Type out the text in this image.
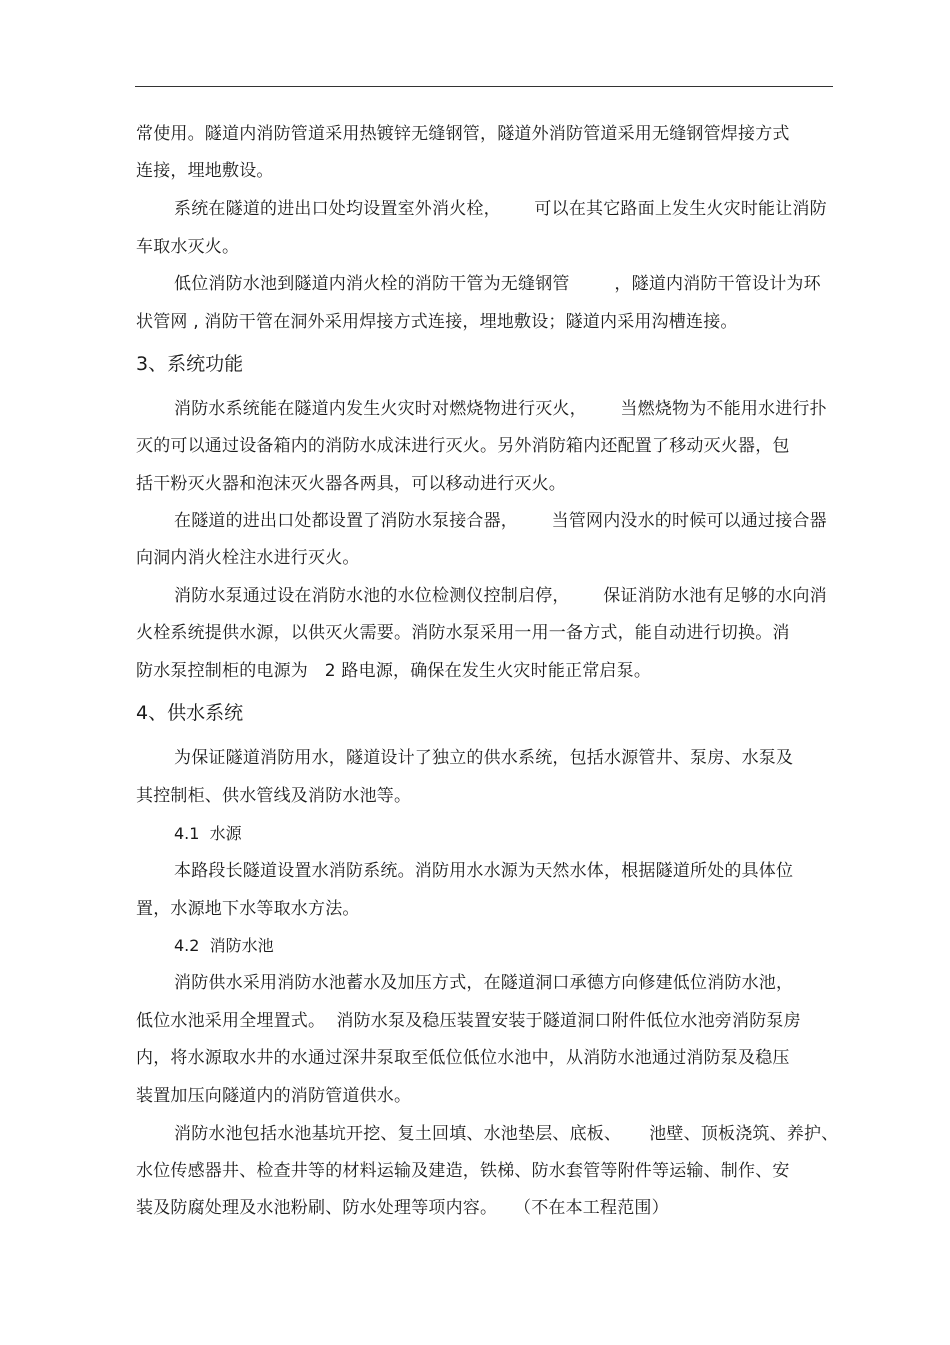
常使用。隧道内消防管道采用热镀锌无缝钢管，隧道外消防管道采用无缝钢管焊接方式
连接，埋地敷设。
系统在隧道的进出口处均设置室外消火栓，      可以在其它路面上发生火灾时能让消防
车取水灭火。
低位消防水池到隧道内消火栓的消防干管为无缝钢管        ，隧道内消防干管设计为环
状管网 , 消防干管在洞外采用焊接方式连接，埋地敷设；隧道内采用沟槽连接。
3、系统功能
消防水系统能在隧道内发生火灾时对燃烧物进行灭火，      当燃烧物为不能用水进行扑
灭的可以通过设备箱内的消防水成沫进行灭火。另外消防箱内还配置了移动灭火器，包
括干粉灭火器和泡沫灭火器各两具，可以移动进行灭火。
在隧道的进出口处都设置了消防水泵接合器，      当管网内没水的时候可以通过接合器
向洞内消火栓注水进行灭火。
消防水泵通过设在消防水池的水位检测仪控制启停，      保证消防水池有足够的水向消
火栓系统提供水源，以供灭火需要。消防水泵采用一用一备方式，能自动进行切换。消
防水泵控制柜的电源为   2 路电源，确保在发生火灾时能正常启泵。
4、供水系统
为保证隧道消防用水，隧道设计了独立的供水系统，包括水源管井、泵房、水泵及
其控制柜、供水管线及消防水池等。
4.1  水源
本路段长隧道设置水消防系统。消防用水水源为天然水体，根据隧道所处的具体位
置，水源地下水等取水方法。
4.2  消防水池
消防供水采用消防水池蓄水及加压方式，在隧道洞口承德方向修建低位消防水池，
低位水池采用全埋置式。  消防水泵及稳压装置安装于隧道洞口附件低位水池旁消防泵房
内，将水源取水井的水通过深井泵取至低位低位水池中，从消防水池通过消防泵及稳压
装置加压向隧道内的消防管道供水。
消防水池包括水池基坑开挖、复土回填、水池垫层、底板、     池壁、顶板浇筑、养护、
水位传感器井、检查井等的材料运输及建造，铁梯、防水套管等附件等运输、制作、安
装及防腐处理及水池粉刷、防水处理等项内容。   （不在本工程范围）
